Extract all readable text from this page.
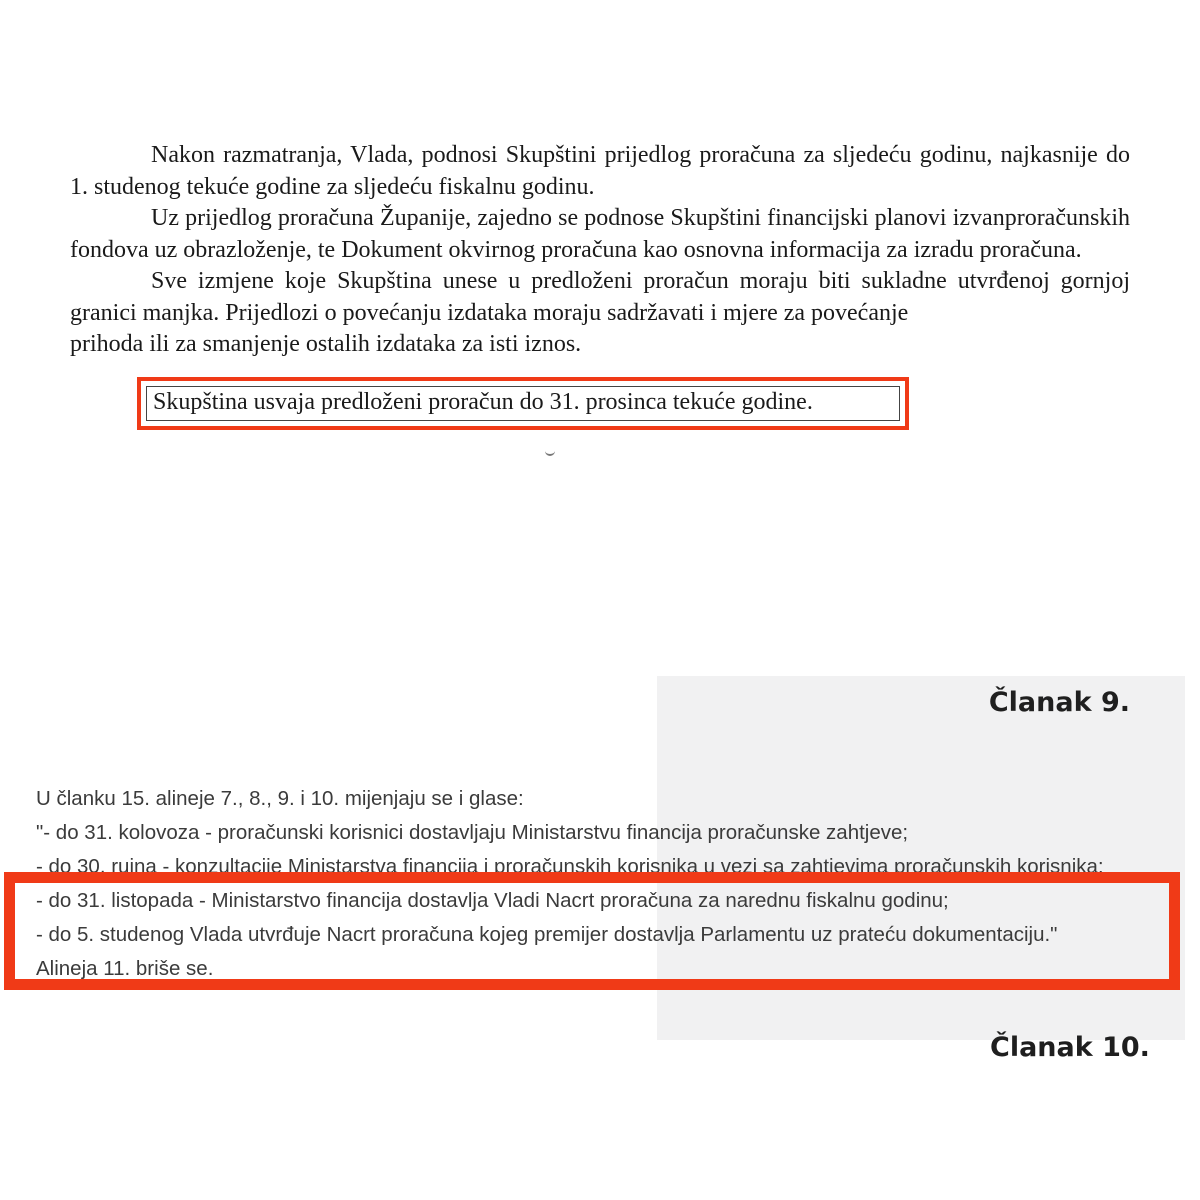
Nakon razmatranja, Vlada, podnosi Skupštini prijedlog proračuna za sljedeću godinu, najkasnije do 1. studenog tekuće godine za sljedeću fiskalnu godinu.

Uz prijedlog proračuna Županije, zajedno se podnose Skupštini financijski planovi izvanproračunskih fondova uz obrazloženje, te Dokument okvirnog proračuna kao osnovna informacija za izradu proračuna.

Sve izmjene koje Skupština unese u predloženi proračun moraju biti sukladne utvrđenoj gornjoj granici manjka. Prijedlozi o povećanju izdataka moraju sadržavati i mjere za povećanje

prihoda ili za smanjenje ostalih izdataka za isti iznos.

Skupština usvaja predloženi proračun do 31. prosinca tekuće godine.
Članak 9.
Članak 10.
U članku 15. alineje 7., 8., 9. i 10. mijenjaju se i glase:
"- do 31. kolovoza - proračunski korisnici dostavljaju Ministarstvu financija proračunske zahtjeve;
- do 30. rujna - konzultacije Ministarstva financija i proračunskih korisnika u vezi sa zahtjevima proračunskih korisnika;
- do 31. listopada - Ministarstvo financija dostavlja Vladi Nacrt proračuna za narednu fiskalnu godinu;
- do 5. studenog Vlada utvrđuje Nacrt proračuna kojeg premijer dostavlja Parlamentu uz prateću dokumentaciju."
Alineja 11. briše se.
